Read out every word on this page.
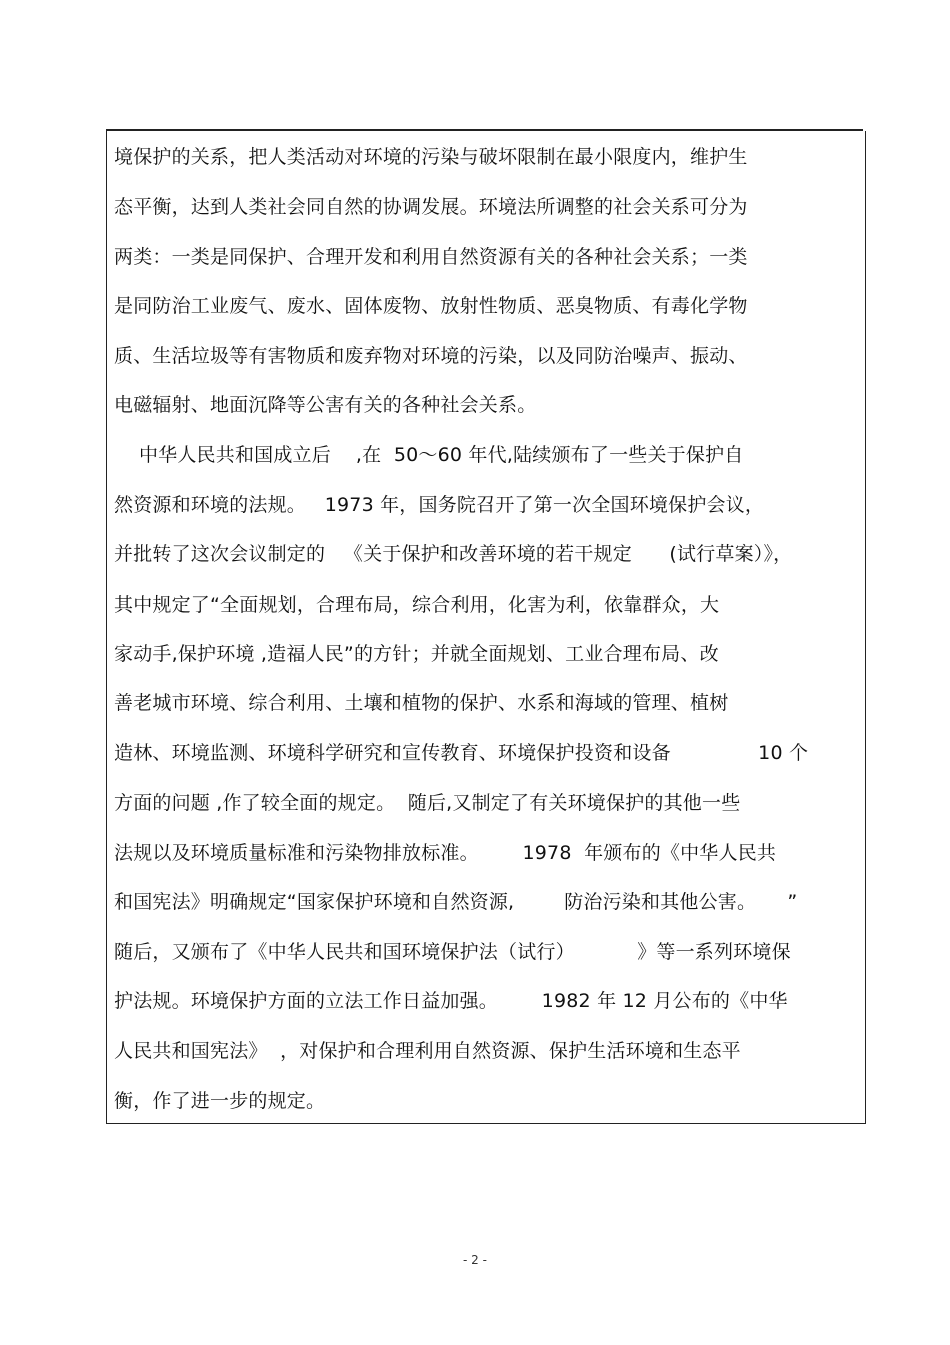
境保护的关系，把人类活动对环境的污染与破坏限制在最小限度内，维护生
态平衡，达到人类社会同自然的协调发展。环境法所调整的社会关系可分为
两类：一类是同保护、合理开发和利用自然资源有关的各种社会关系；一类
是同防治工业废气、废水、固体废物、放射性物质、恶臭物质、有毒化学物
质、生活垃圾等有害物质和废弃物对环境的污染，以及同防治噪声、振动、
电磁辐射、地面沉降等公害有关的各种社会关系。
中华人民共和国成立后    ,在  50～60 年代,陆续颁布了一些关于保护自
然资源和环境的法规。   1973 年，国务院召开了第一次全国环境保护会议，
并批转了这次会议制定的   《关于保护和改善环境的若干规定      (试行草案）》，
其中规定了“全面规划，合理布局，综合利用，化害为利，依靠群众，大
家动手,保护环境 ,造福人民”的方针；并就全面规划、工业合理布局、改
善老城市环境、综合利用、土壤和植物的保护、水系和海域的管理、植树
造林、环境监测、环境科学研究和宣传教育、环境保护投资和设备              10 个
方面的问题 ,作了较全面的规定。  随后,又制定了有关环境保护的其他一些
法规以及环境质量标准和污染物排放标准。       1978  年颁布的《中华人民共
和国宪法》明确规定“国家保护环境和自然资源,        防治污染和其他公害。     ”
随后，又颁布了《中华人民共和国环境保护法（试行）          》等一系列环境保
护法规。环境保护方面的立法工作日益加强。       1982 年 12 月公布的《中华
人民共和国宪法》  ，对保护和合理利用自然资源、保护生活环境和生态平
衡，作了进一步的规定。
- 2 -
